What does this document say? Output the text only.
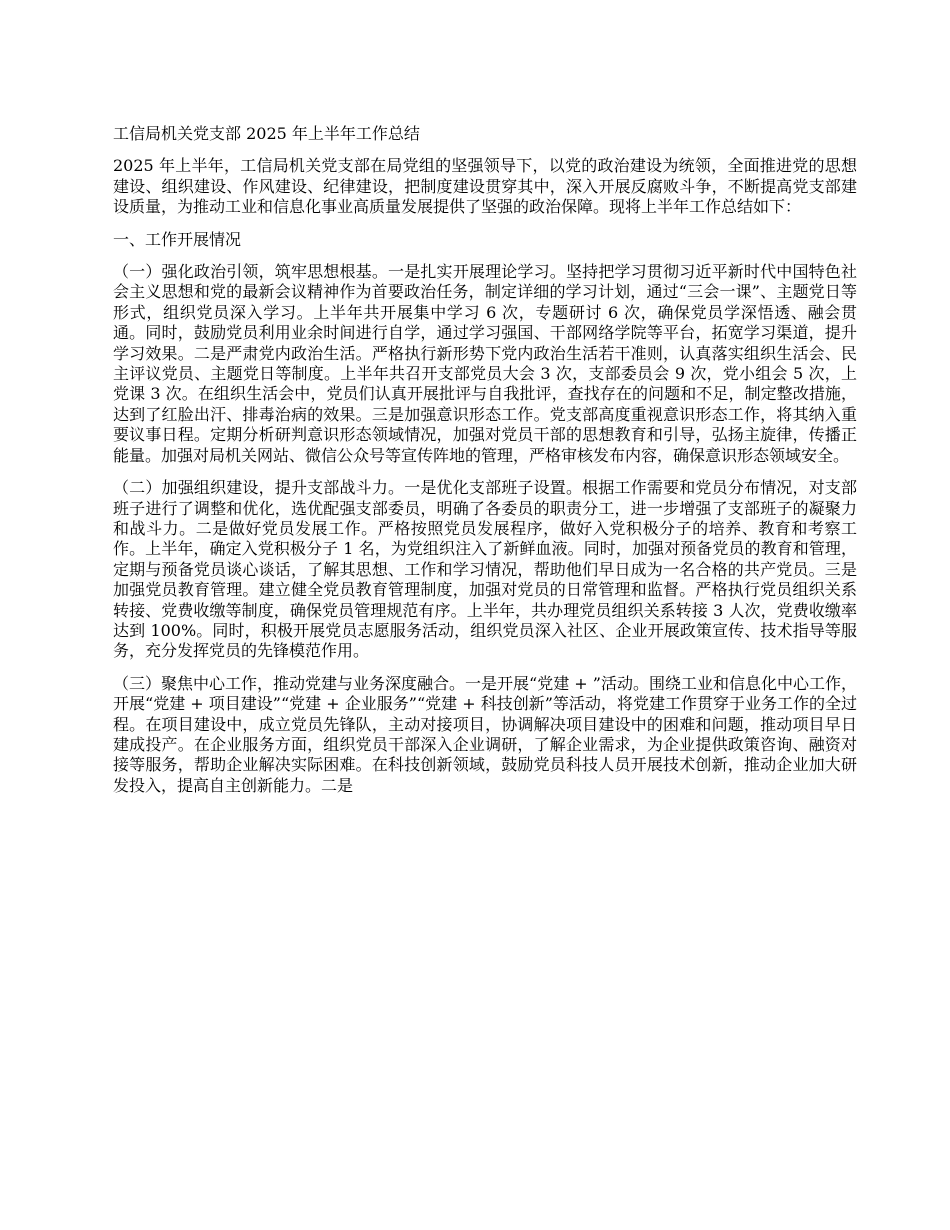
工信局机关党支部 2025 年上半年工作总结

2025 年上半年，工信局机关党支部在局党组的坚强领导下，以党的政治建设为统领，全面推进党的思想建设、组织建设、作风建设、纪律建设，把制度建设贯穿其中，深入开展反腐败斗争，不断提高党支部建设质量，为推动工业和信息化事业高质量发展提供了坚强的政治保障。现将上半年工作总结如下：

一、工作开展情况

（一）强化政治引领，筑牢思想根基。一是扎实开展理论学习。坚持把学习贯彻习近平新时代中国特色社会主义思想和党的最新会议精神作为首要政治任务，制定详细的学习计划，通过“三会一课”、主题党日等形式，组织党员深入学习。上半年共开展集中学习 6 次，专题研讨 6 次，确保党员学深悟透、融会贯通。同时，鼓励党员利用业余时间进行自学，通过学习强国、干部网络学院等平台，拓宽学习渠道，提升学习效果。二是严肃党内政治生活。严格执行新形势下党内政治生活若干准则，认真落实组织生活会、民主评议党员、主题党日等制度。上半年共召开支部党员大会 3 次，支部委员会 9 次，党小组会 5 次，上党课 3 次。在组织生活会中，党员们认真开展批评与自我批评，查找存在的问题和不足，制定整改措施，达到了红脸出汗、排毒治病的效果。三是加强意识形态工作。党支部高度重视意识形态工作，将其纳入重要议事日程。定期分析研判意识形态领域情况，加强对党员干部的思想教育和引导，弘扬主旋律，传播正能量。加强对局机关网站、微信公众号等宣传阵地的管理，严格审核发布内容，确保意识形态领域安全。

（二）加强组织建设，提升支部战斗力。一是优化支部班子设置。根据工作需要和党员分布情况，对支部班子进行了调整和优化，选优配强支部委员，明确了各委员的职责分工，进一步增强了支部班子的凝聚力和战斗力。二是做好党员发展工作。严格按照党员发展程序，做好入党积极分子的培养、教育和考察工作。上半年，确定入党积极分子 1 名，为党组织注入了新鲜血液。同时，加强对预备党员的教育和管理，定期与预备党员谈心谈话，了解其思想、工作和学习情况，帮助他们早日成为一名合格的共产党员。三是加强党员教育管理。建立健全党员教育管理制度，加强对党员的日常管理和监督。严格执行党员组织关系转接、党费收缴等制度，确保党员管理规范有序。上半年，共办理党员组织关系转接 3 人次，党费收缴率达到 100%。同时，积极开展党员志愿服务活动，组织党员深入社区、企业开展政策宣传、技术指导等服务，充分发挥党员的先锋模范作用。

（三）聚焦中心工作，推动党建与业务深度融合。一是开展“党建 + ”活动。围绕工业和信息化中心工作，开展“党建 + 项目建设”“党建 + 企业服务”“党建 + 科技创新”等活动，将党建工作贯穿于业务工作的全过程。在项目建设中，成立党员先锋队，主动对接项目，协调解决项目建设中的困难和问题，推动项目早日建成投产。在企业服务方面，组织党员干部深入企业调研，了解企业需求，为企业提供政策咨询、融资对接等服务，帮助企业解决实际困难。在科技创新领域，鼓励党员科技人员开展技术创新，推动企业加大研发投入，提高自主创新能力。二是
